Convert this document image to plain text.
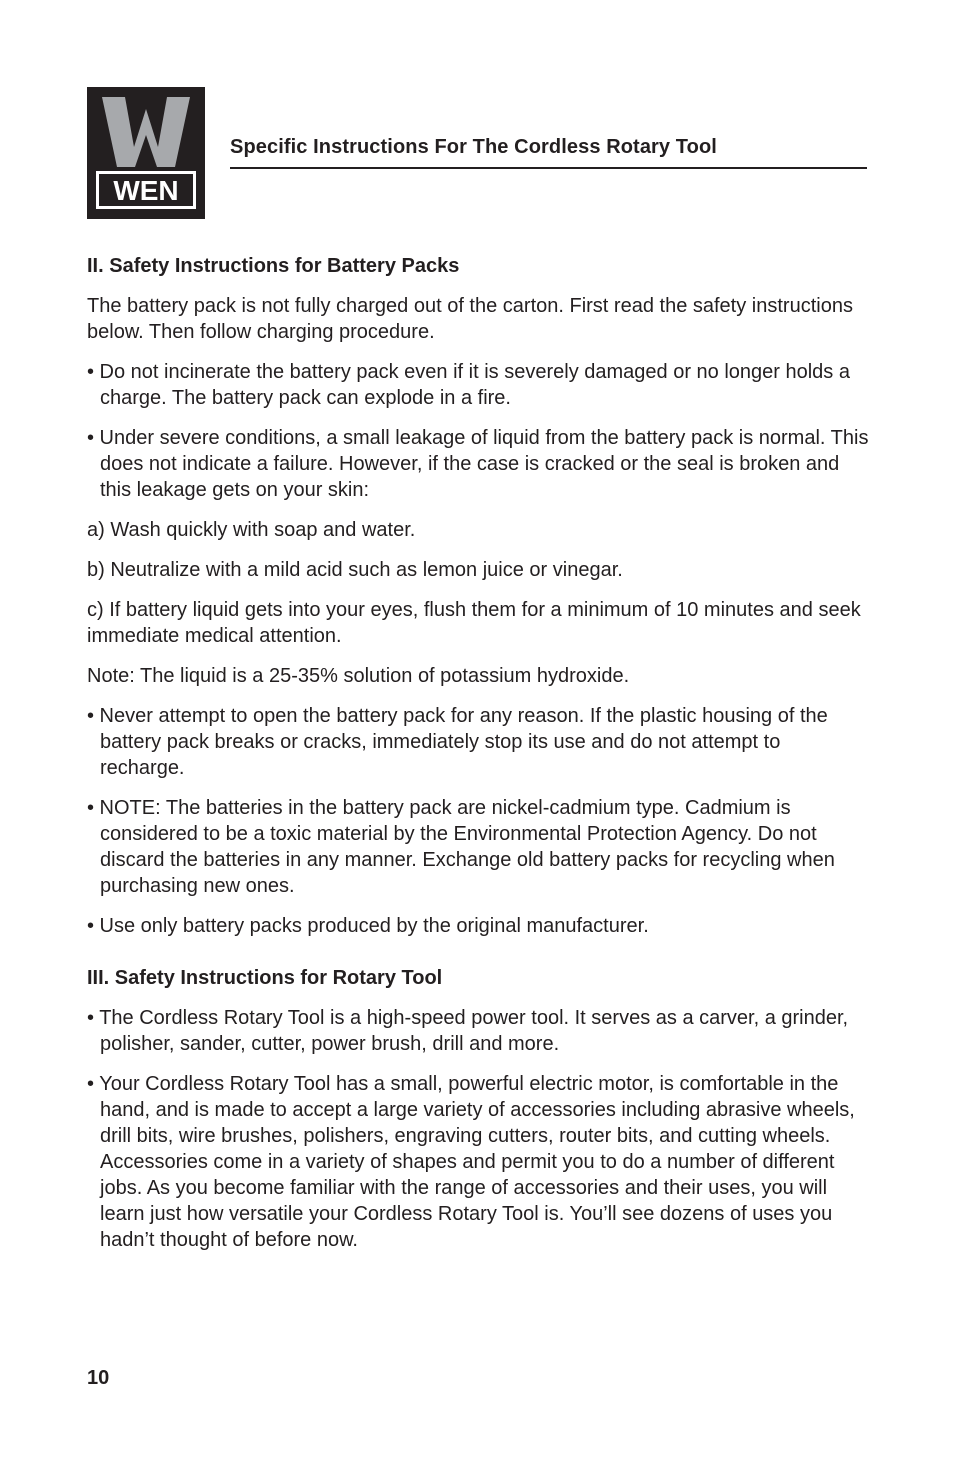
WEN
Specific Instructions For The Cordless Rotary Tool

II. Safety Instructions for Battery Packs

The battery pack is not fully charged out of the carton. First read the safety instructions below. Then follow charging procedure.

• Do not incinerate the battery pack even if it is severely damaged or no longer holds a charge. The battery pack can explode in a fire.

• Under severe conditions, a small leakage of liquid from the battery pack is normal. This does not indicate a failure. However, if the case is cracked or the seal is broken and this leakage gets on your skin:

a) Wash quickly with soap and water.

b) Neutralize with a mild acid such as lemon juice or vinegar.

c) If battery liquid gets into your eyes, flush them for a minimum of 10 minutes and seek immediate medical attention.

Note: The liquid is a 25-35% solution of potassium hydroxide.

• Never attempt to open the battery pack for any reason. If the plastic housing of the battery pack breaks or cracks, immediately stop its use and do not attempt to recharge.

• NOTE: The batteries in the battery pack are nickel-cadmium type. Cadmium is considered to be a toxic material by the Environmental Protection Agency. Do not discard the batteries in any manner. Exchange old battery packs for recycling when purchasing new ones.

• Use only battery packs produced by the original manufacturer.

III. Safety Instructions for Rotary Tool

• The Cordless Rotary Tool is a high-speed power tool. It serves as a carver, a grinder, polisher, sander, cutter, power brush, drill and more.

• Your Cordless Rotary Tool has a small, powerful electric motor, is comfortable in the hand, and is made to accept a large variety of accessories including abrasive wheels, drill bits, wire brushes, polishers, engraving cutters, router bits, and cutting wheels. Accessories come in a variety of shapes and permit you to do a number of different jobs. As you become familiar with the range of accessories and their uses, you will learn just how versatile your Cordless Rotary Tool is. You’ll see dozens of uses you hadn’t thought of before now.

10
